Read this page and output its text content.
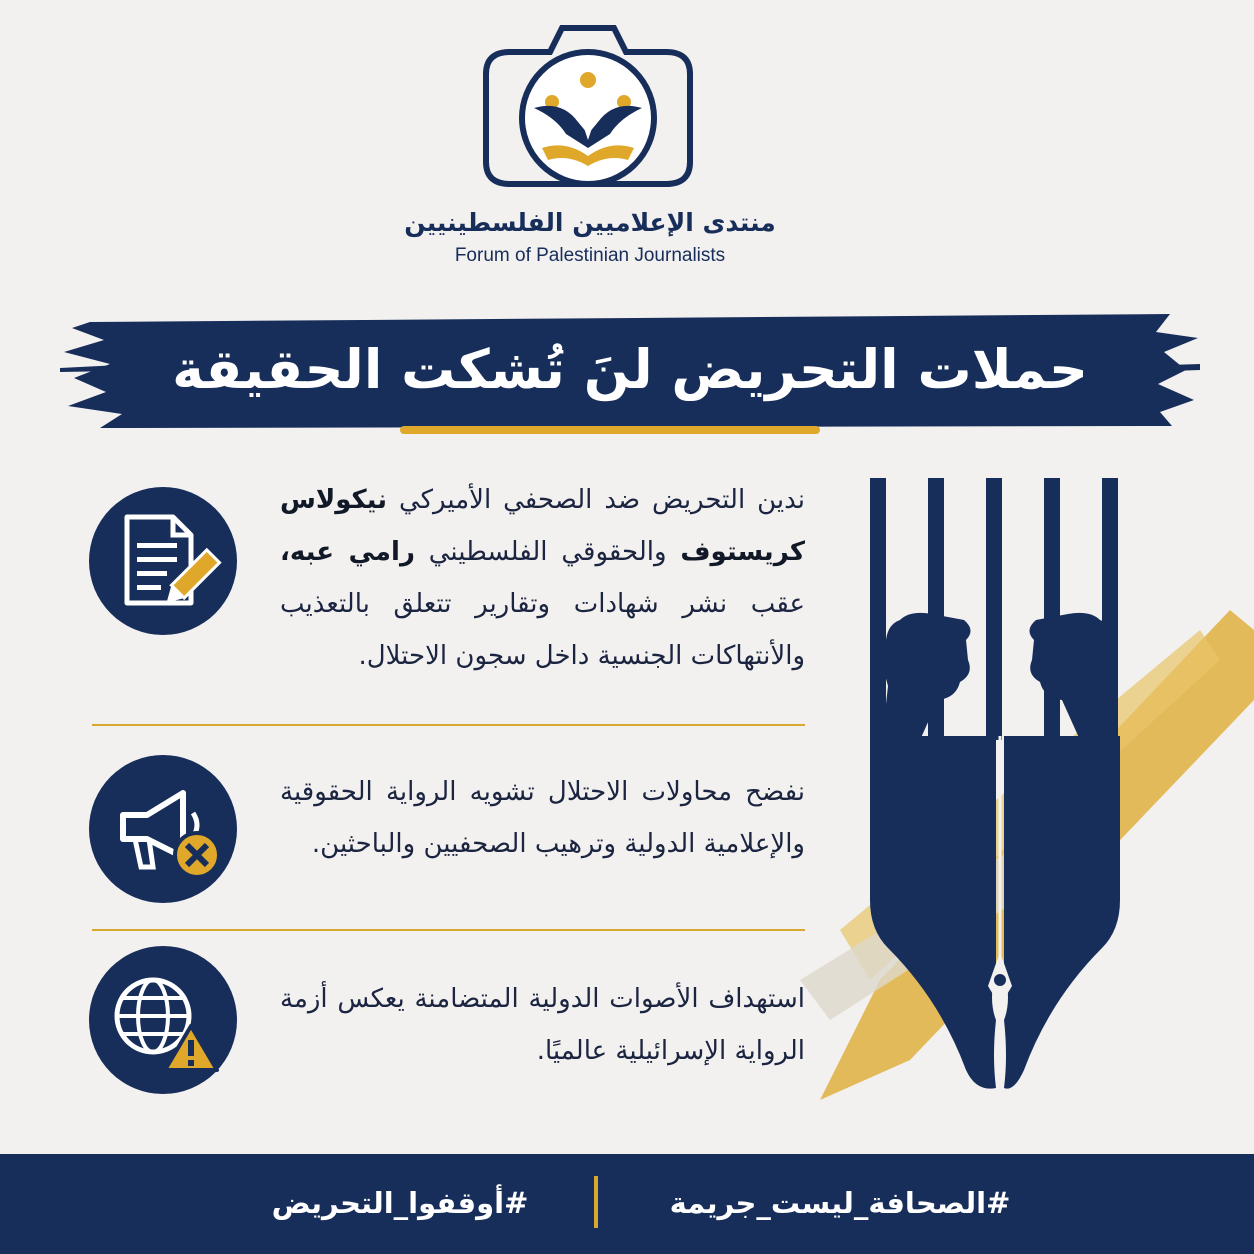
منتدى الإعلاميين الفلسطينيين
Forum of Palestinian Journalists
حملات التحريض لنَ تُشكت الحقيقة
ندين التحريض ضد الصحفي الأميركي نيكولاس كريستوف والحقوقي الفلسطيني رامي عبه، عقب نشر شهادات وتقارير تتعلق بالتعذيب والأنتهاكات الجنسية داخل سجون الاحتلال.
نفضح محاولات الاحتلال تشويه الرواية الحقوقية والإعلامية الدولية وترهيب الصحفيين والباحثين.
استهداف الأصوات الدولية المتضامنة يعكس أزمة الرواية الإسرائيلية عالميًا.
#أوقفوا_التحريض	#الصحافة_ليست_جريمة
